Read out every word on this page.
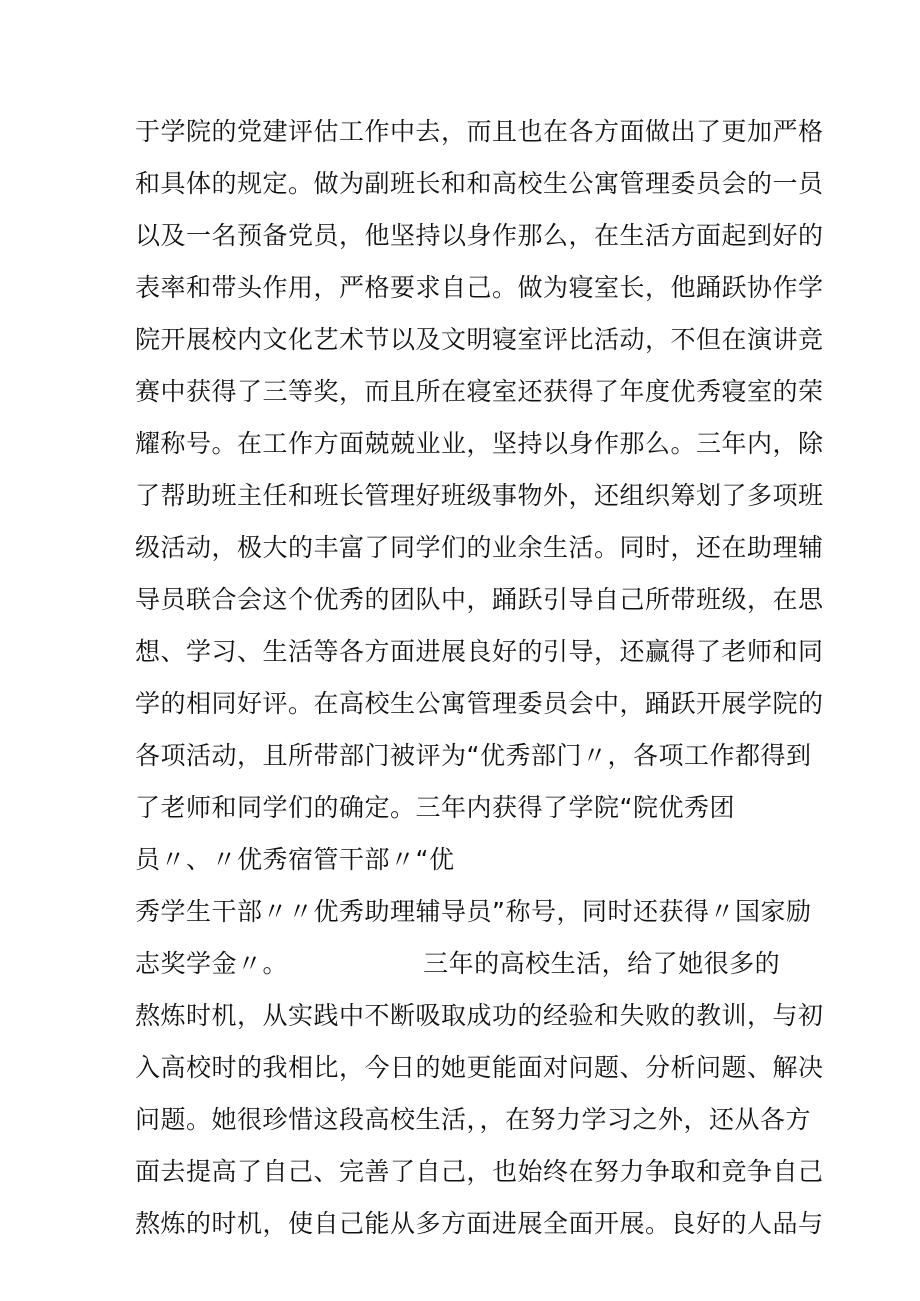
于学院的党建评估工作中去，而且也在各方面做出了更加严格
和具体的规定。做为副班长和和高校生公寓管理委员会的一员
以及一名预备党员，他坚持以身作那么，在生活方面起到好的
表率和带头作用，严格要求自己。做为寝室长，他踊跃协作学
院开展校内文化艺术节以及文明寝室评比活动，不但在演讲竞
赛中获得了三等奖，而且所在寝室还获得了年度优秀寝室的荣
耀称号。在工作方面兢兢业业，坚持以身作那么。三年内，除
了帮助班主任和班长管理好班级事物外，还组织筹划了多项班
级活动，极大的丰富了同学们的业余生活。同时，还在助理辅
导员联合会这个优秀的团队中，踊跃引导自己所带班级，在思
想、学习、生活等各方面进展良好的引导，还赢得了老师和同
学的相同好评。在高校生公寓管理委员会中，踊跃开展学院的
各项活动，且所带部门被评为“优秀部门〃，各项工作都得到
了老师和同学们的确定。三年内获得了学院“院优秀团
员〃、〃优秀宿管干部〃“优
秀学生干部〃〃优秀助理辅导员”称号，同时还获得〃国家励
志奖学金〃。                三年的高校生活，给了她很多的
熬炼时机，从实践中不断吸取成功的经验和失败的教训，与初
入高校时的我相比，今日的她更能面对问题、分析问题、解决
问题。她很珍惜这段高校生活，，在努力学习之外，还从各方
面去提高了自己、完善了自己，也始终在努力争取和竞争自己
熬炼的时机，使自己能从多方面进展全面开展。良好的人品与
